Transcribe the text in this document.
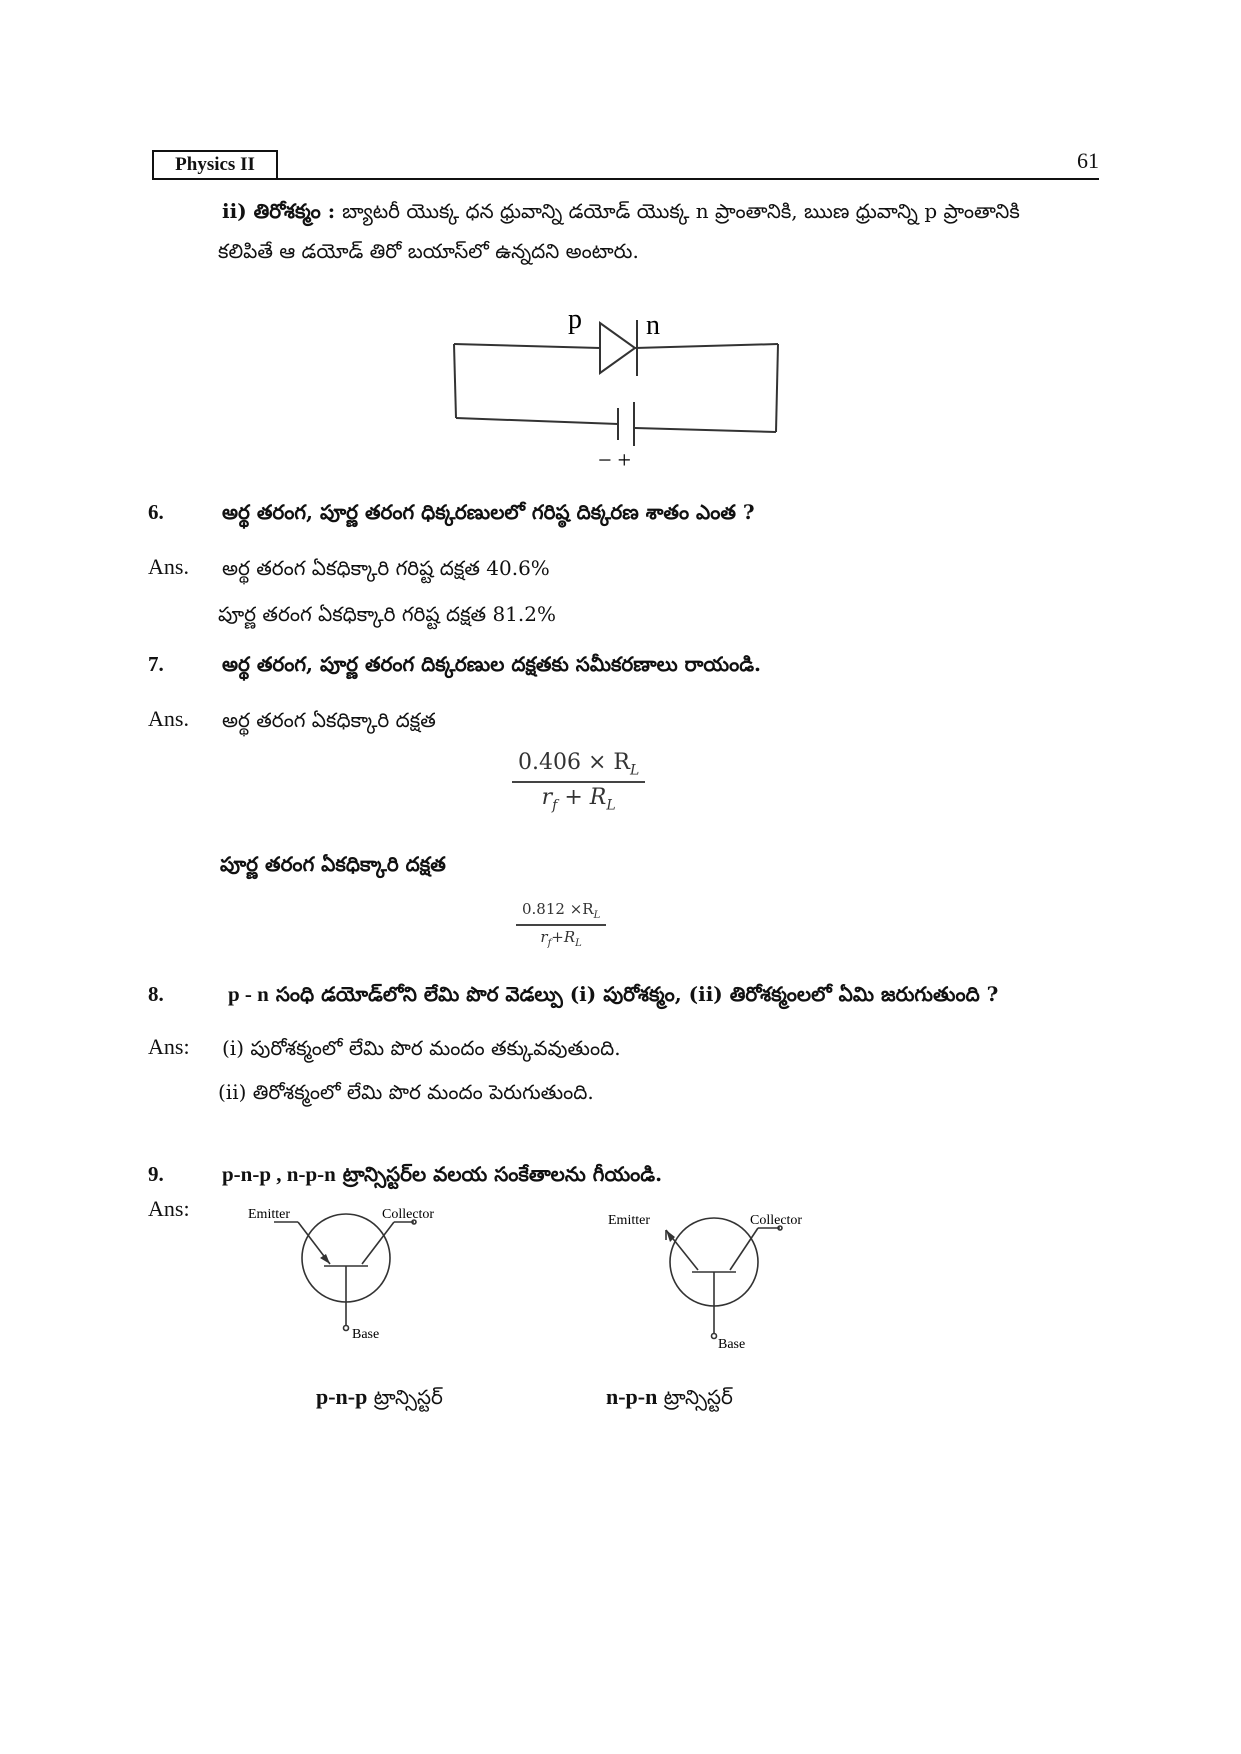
Physics II	61
ii) తిరోశక్మం : బ్యాటరీ యొక్క ధన ధ్రువాన్ని డయోడ్ యొక్క n ప్రాంతానికి, ఋణ ధ్రువాన్ని p ప్రాంతానికి
కలిపితే ఆ డయోడ్ తిరో బయాస్‌లో ఉన్నదని అంటారు.
p n
− +
6.	అర్థ తరంగ, పూర్ణ తరంగ ధిక్కరణులలో గరిష్ఠ దిక్కరణ శాతం ఎంత ?
Ans. అర్థ తరంగ ఏకధిక్కారి గరిష్ట దక్షత 40.6%
పూర్ణ తరంగ ఏకధిక్కారి గరిష్ట దక్షత 81.2%
7.	అర్థ తరంగ, పూర్ణ తరంగ దిక్కరణుల దక్షతకు సమీకరణాలు రాయండి.
Ans. అర్థ తరంగ ఏకధిక్కారి దక్షత
$\frac{0.406 \times R_L}{r_f + R_L}$
పూర్ణ తరంగ ఏకధిక్కారి దక్షత
$\frac{0.812 \times R_L}{r_f+R_L}$
8.	p - n సంధి డయోడ్‌లోని లేమి పొర వెడల్పు (i) పురోశక్మం, (ii) తిరోశక్మంలలో ఏమి జరుగుతుంది ?
Ans: (i) పురోశక్మంలో లేమి పొర మందం తక్కువవుతుంది.
(ii) తిరోశక్మంలో లేమి పొర మందం పెరుగుతుంది.
9.	p-n-p , n-p-n ట్రాన్సిస్టర్‌ల వలయ సంకేతాలను గీయండి.
Ans:	Emitter	Collector
Base
Emitter	Collector
Base
p-n-p ట్రాన్సిస్టర్	n-p-n ట్రాన్సిస్టర్
